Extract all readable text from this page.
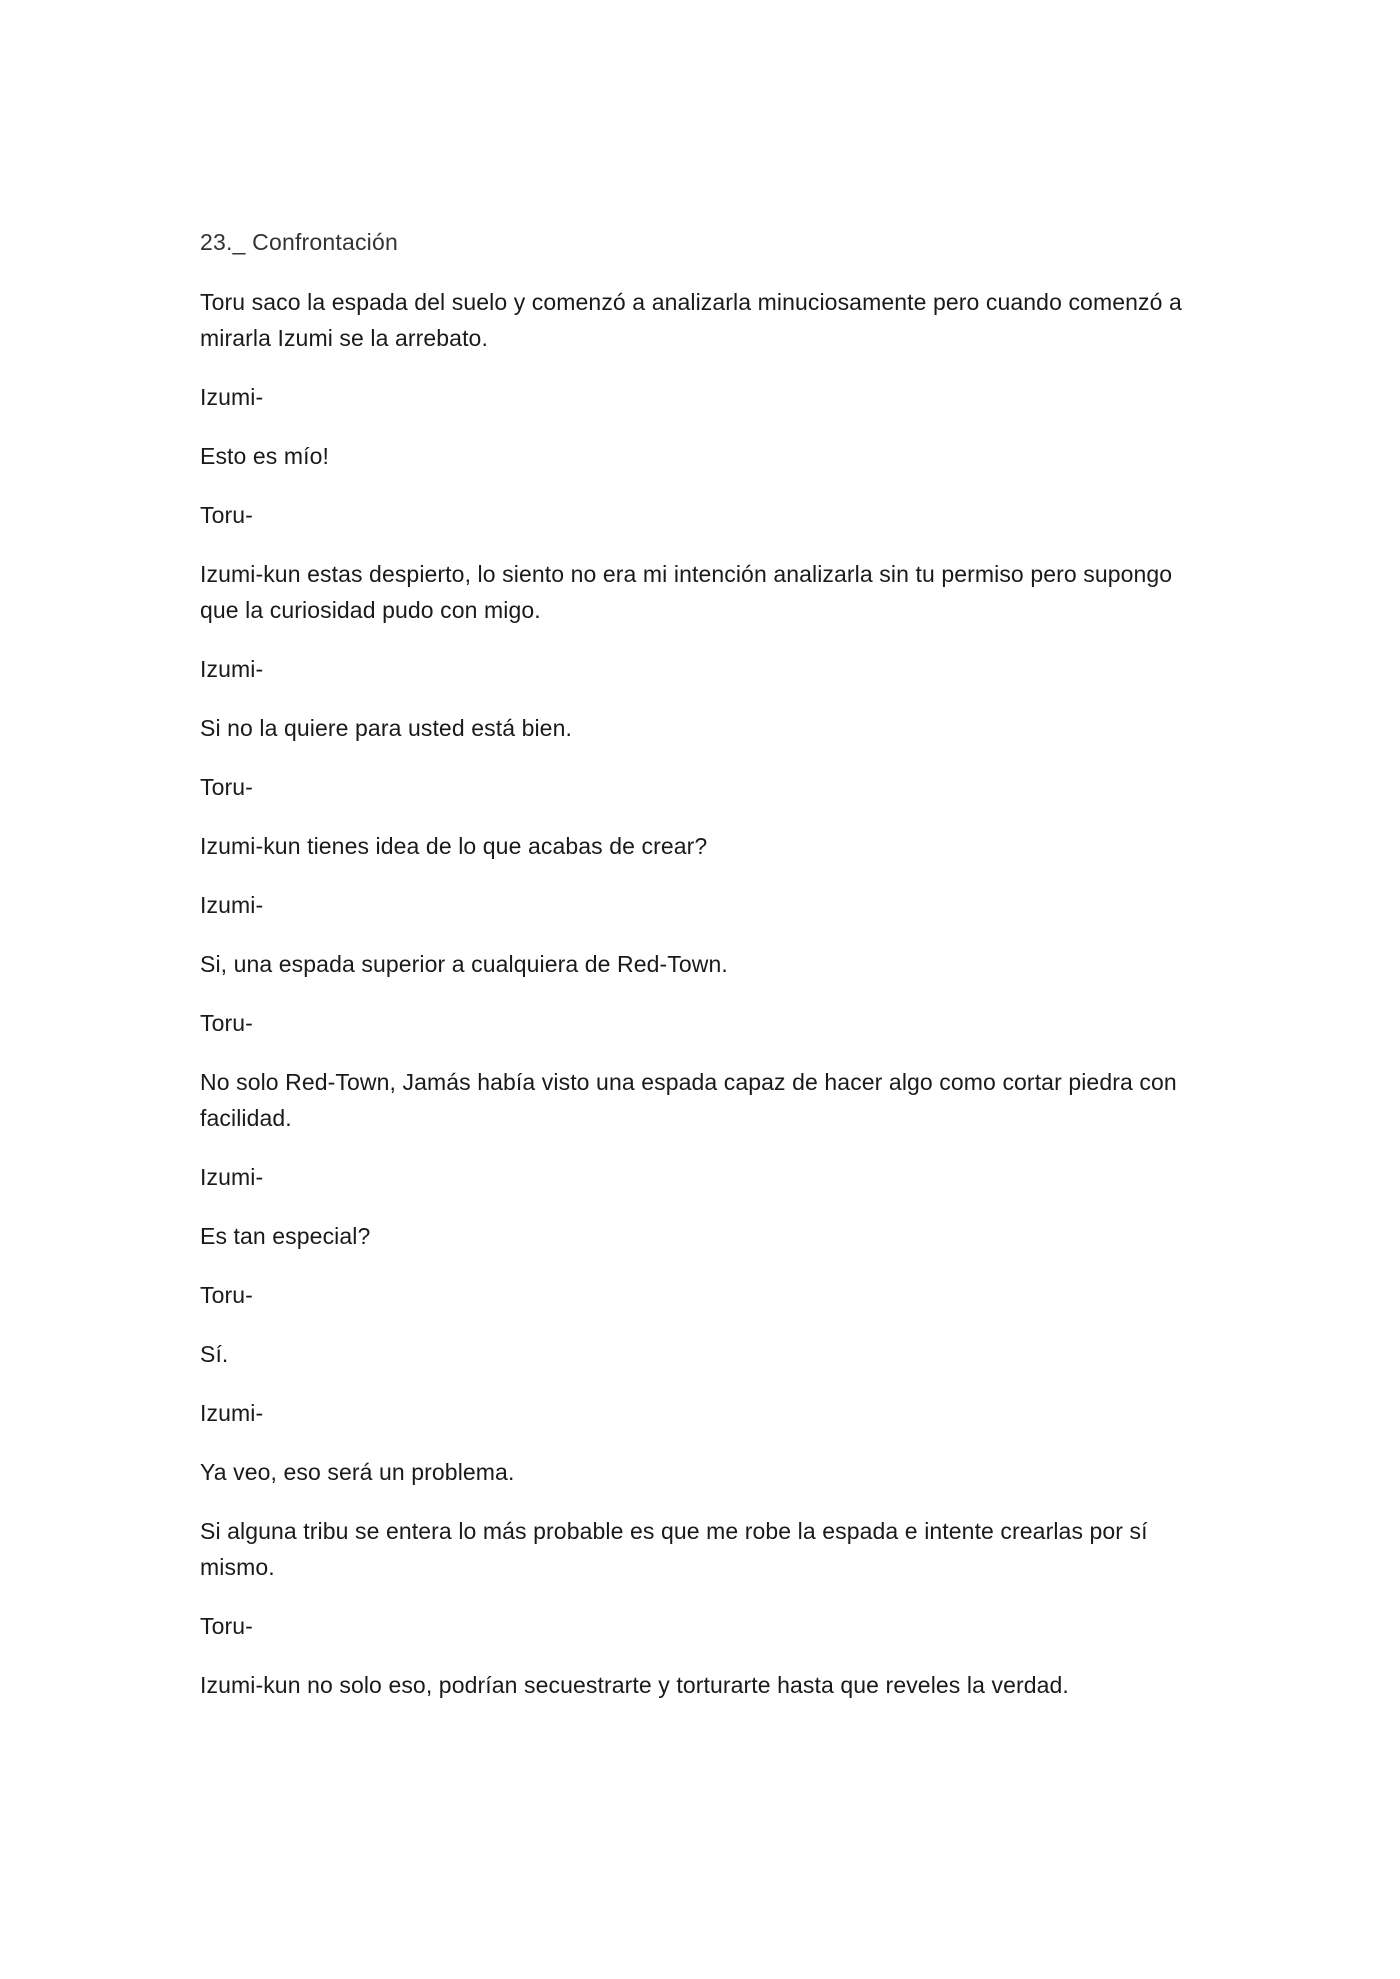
23._ Confrontación

Toru saco la espada del suelo y comenzó a analizarla minuciosamente pero cuando comenzó a mirarla Izumi se la arrebato.

Izumi-

Esto es mío!

Toru-

Izumi-kun estas despierto, lo siento no era mi intención analizarla sin tu permiso pero supongo que la curiosidad pudo con migo.

Izumi-

Si no la quiere para usted está bien.

Toru-

Izumi-kun tienes idea de lo que acabas de crear?

Izumi-

Si, una espada superior a cualquiera de Red-Town.

Toru-

No solo Red-Town, Jamás había visto una espada capaz de hacer algo como cortar piedra con facilidad.

Izumi-

Es tan especial?

Toru-

Sí.

Izumi-

Ya veo, eso será un problema.

Si alguna tribu se entera lo más probable es que me robe la espada e intente crearlas por sí mismo.

Toru-

Izumi-kun no solo eso, podrían secuestrarte y torturarte hasta que reveles la verdad.
